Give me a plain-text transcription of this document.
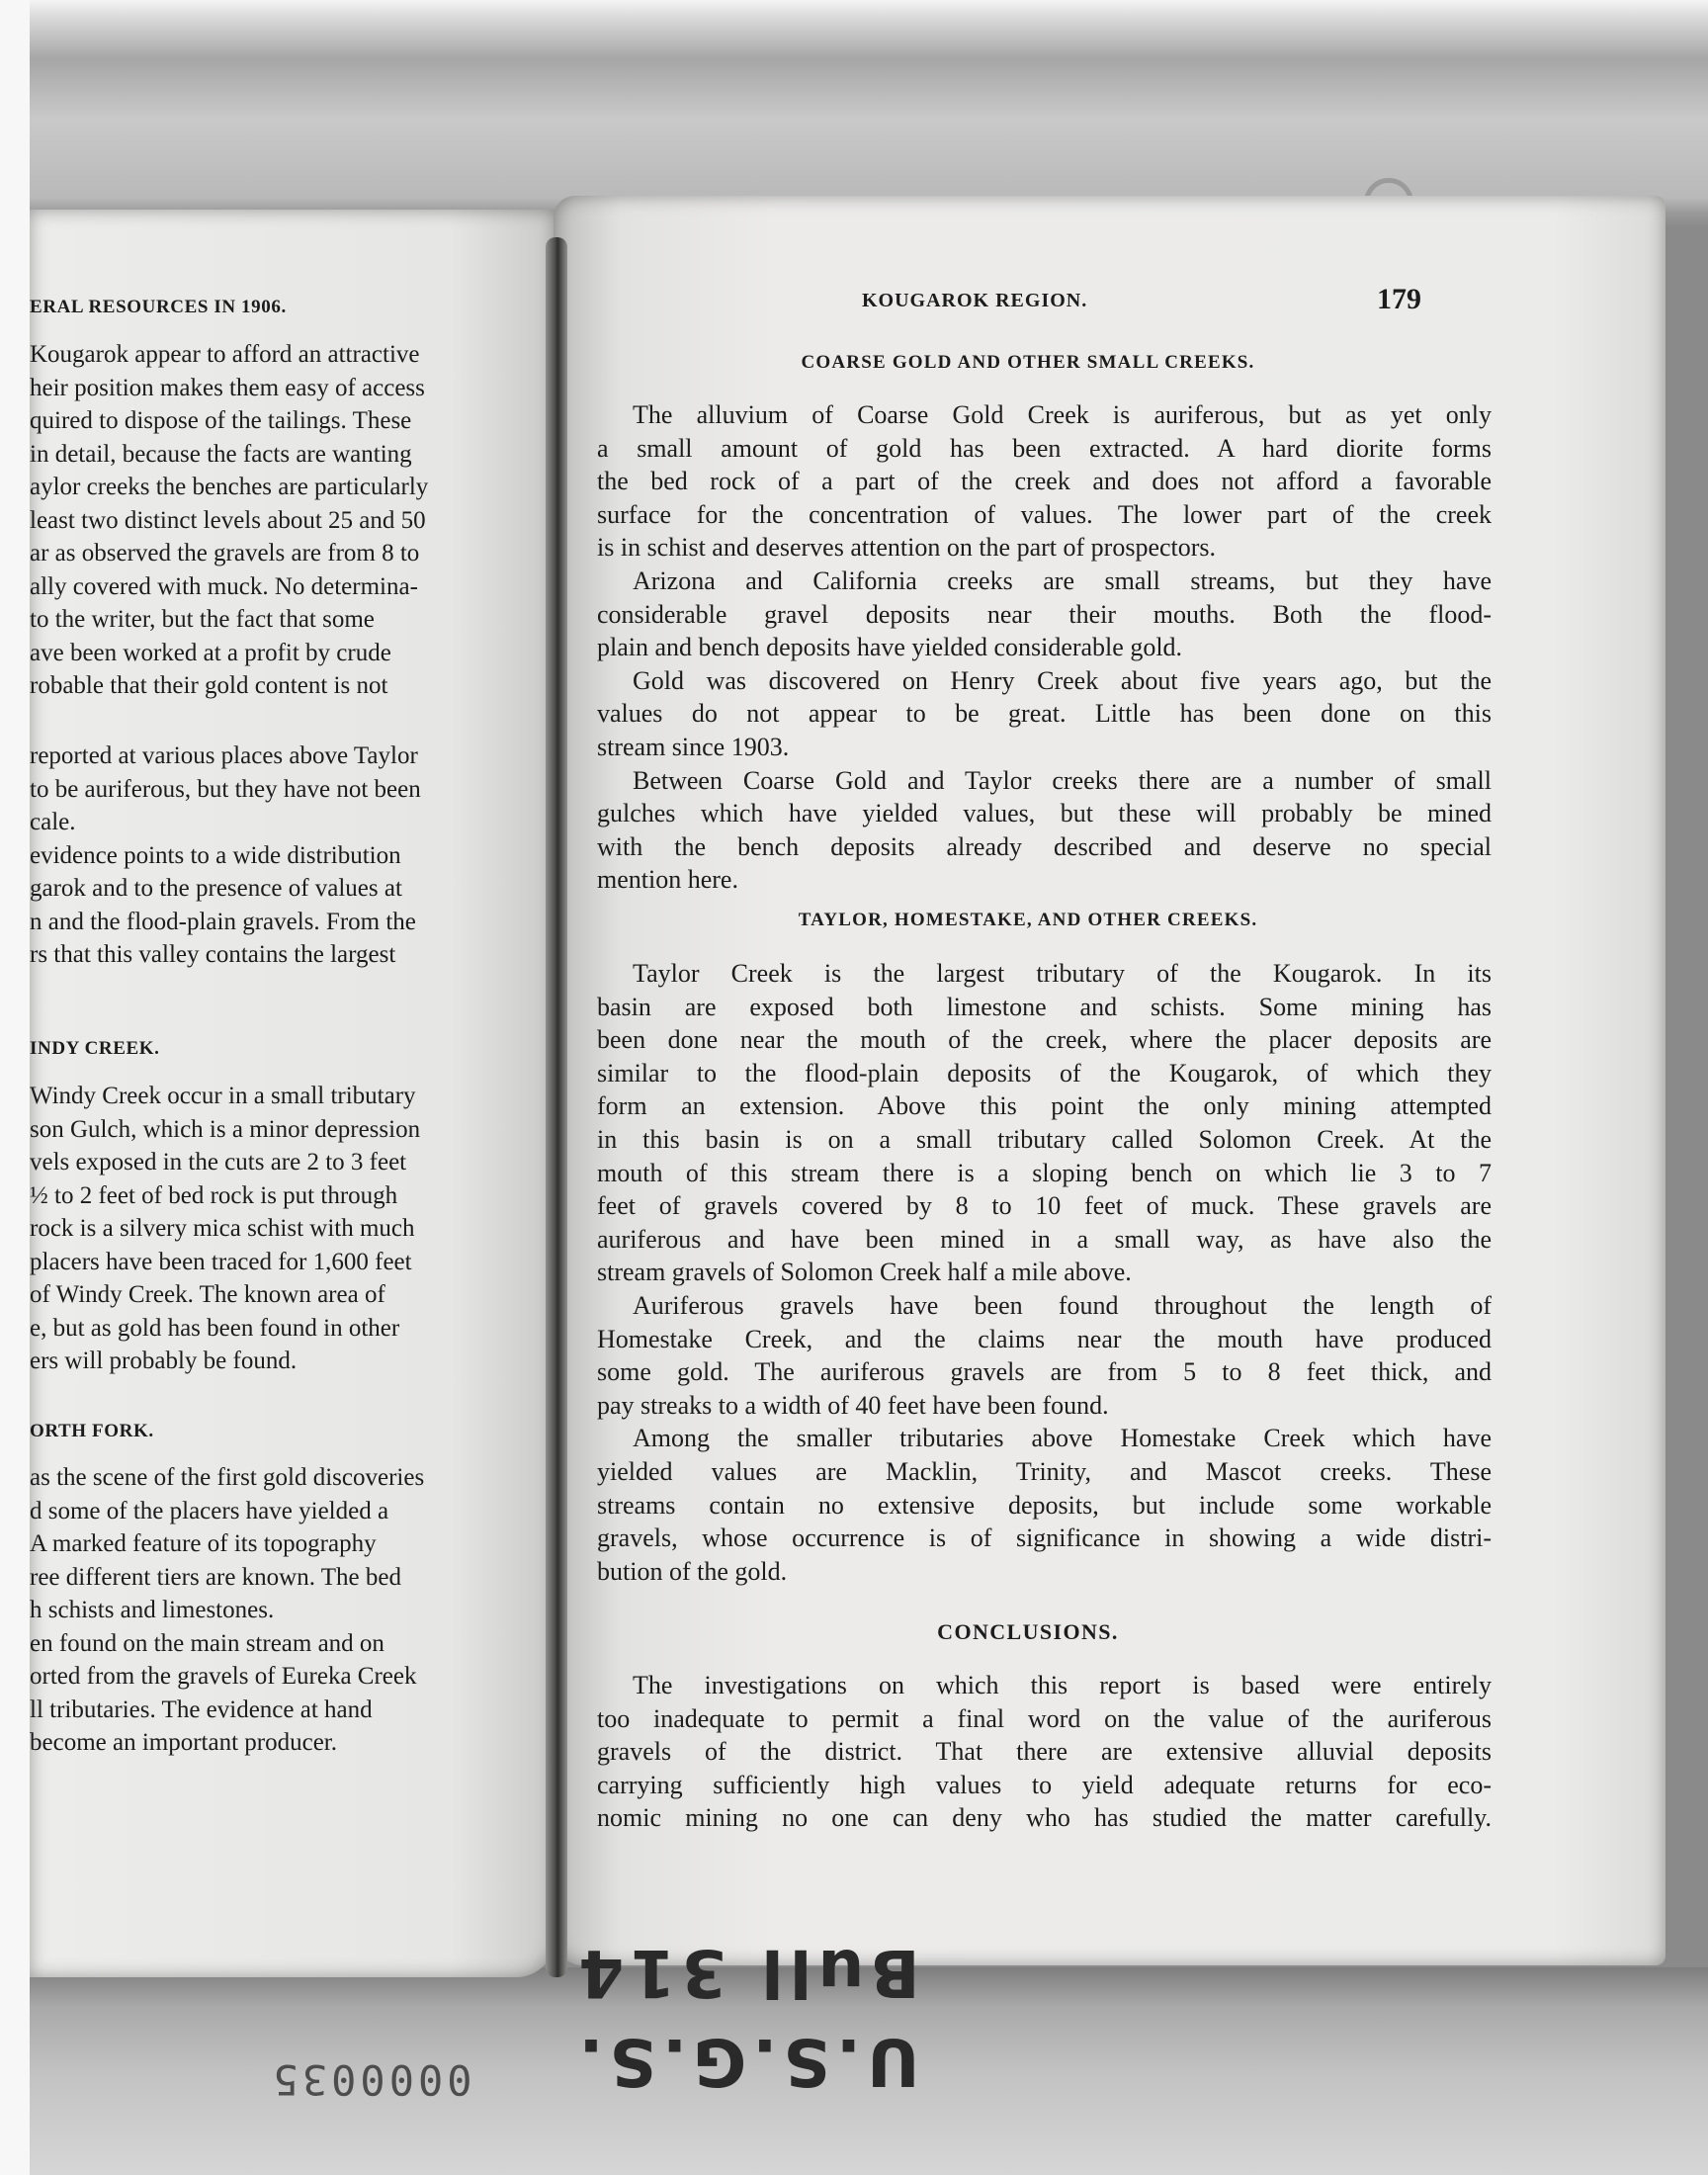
ERAL RESOURCES IN 1906.
Kougarok appear to afford an attractive
heir position makes them easy of access
quired to dispose of the tailings. These
in detail, because the facts are wanting
aylor creeks the benches are particularly
least two distinct levels about 25 and 50
ar as observed the gravels are from 8 to
ally covered with muck. No determina-
to the writer, but the fact that some
ave been worked at a profit by crude
robable that their gold content is not
reported at various places above Taylor
to be auriferous, but they have not been
cale.
evidence points to a wide distribution
garok and to the presence of values at
n and the flood-plain gravels. From the
rs that this valley contains the largest
INDY CREEK.
Windy Creek occur in a small tributary
son Gulch, which is a minor depression
vels exposed in the cuts are 2 to 3 feet
½ to 2 feet of bed rock is put through
rock is a silvery mica schist with much
placers have been traced for 1,600 feet
of Windy Creek. The known area of
e, but as gold has been found in other
ers will probably be found.
ORTH FORK.
as the scene of the first gold discoveries
d some of the placers have yielded a
A marked feature of its topography
ree different tiers are known. The bed
h schists and limestones.
en found on the main stream and on
orted from the gravels of Eureka Creek
ll tributaries. The evidence at hand
become an important producer.
KOUGAROK REGION.	179
COARSE GOLD AND OTHER SMALL CREEKS.
The alluvium of Coarse Gold Creek is auriferous, but as yet only
a small amount of gold has been extracted. A hard diorite forms
the bed rock of a part of the creek and does not afford a favorable
surface for the concentration of values. The lower part of the creek
is in schist and deserves attention on the part of prospectors.
Arizona and California creeks are small streams, but they have
considerable gravel deposits near their mouths. Both the flood-
plain and bench deposits have yielded considerable gold.
Gold was discovered on Henry Creek about five years ago, but the
values do not appear to be great. Little has been done on this
stream since 1903.
Between Coarse Gold and Taylor creeks there are a number of small
gulches which have yielded values, but these will probably be mined
with the bench deposits already described and deserve no special
mention here.
TAYLOR, HOMESTAKE, AND OTHER CREEKS.
Taylor Creek is the largest tributary of the Kougarok. In its
basin are exposed both limestone and schists. Some mining has
been done near the mouth of the creek, where the placer deposits are
similar to the flood-plain deposits of the Kougarok, of which they
form an extension. Above this point the only mining attempted
in this basin is on a small tributary called Solomon Creek. At the
mouth of this stream there is a sloping bench on which lie 3 to 7
feet of gravels covered by 8 to 10 feet of muck. These gravels are
auriferous and have been mined in a small way, as have also the
stream gravels of Solomon Creek half a mile above.
Auriferous gravels have been found throughout the length of
Homestake Creek, and the claims near the mouth have produced
some gold. The auriferous gravels are from 5 to 8 feet thick, and
pay streaks to a width of 40 feet have been found.
Among the smaller tributaries above Homestake Creek which have
yielded values are Macklin, Trinity, and Mascot creeks. These
streams contain no extensive deposits, but include some workable
gravels, whose occurrence is of significance in showing a wide distri-
bution of the gold.
CONCLUSIONS.
The investigations on which this report is based were entirely
too inadequate to permit a final word on the value of the auriferous
gravels of the district. That there are extensive alluvial deposits
carrying sufficiently high values to yield adequate returns for eco-
nomic mining no one can deny who has studied the matter carefully.
U.S.G.S. Bull 314
0000035
